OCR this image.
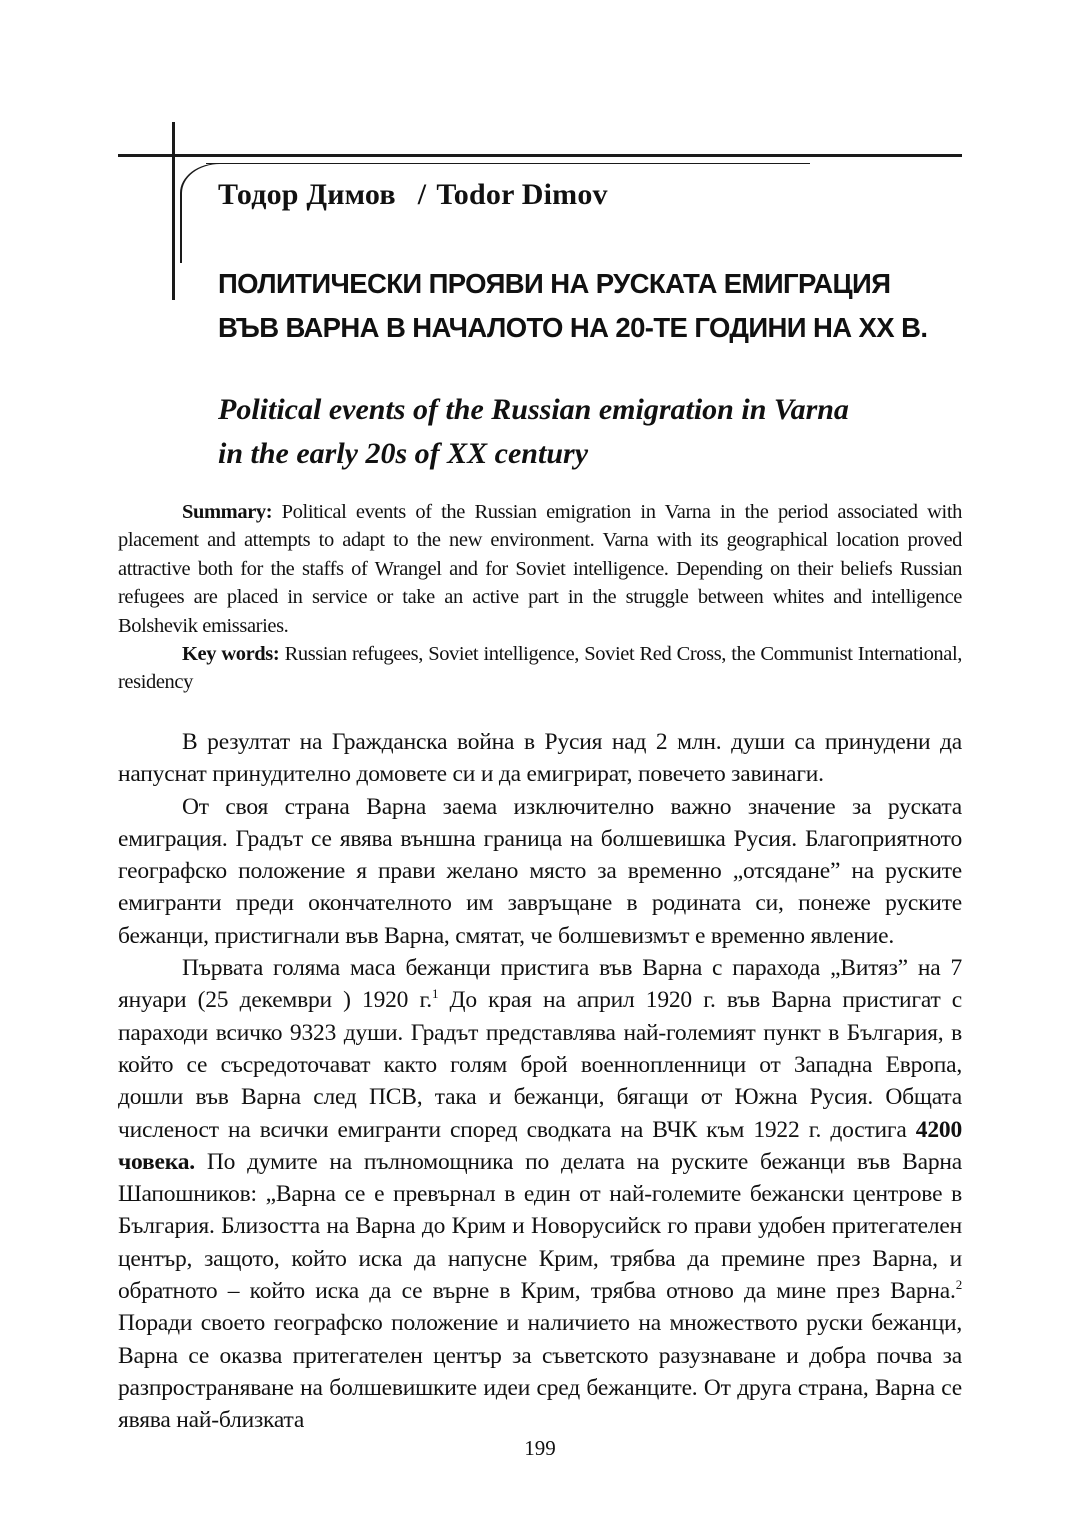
Тодор Димов / Todor Dimov
ПОЛИТИЧЕСКИ ПРОЯВИ НА РУСКАТА ЕМИГРАЦИЯ
ВЪВ ВАРНА В НАЧАЛОТО НА 20-ТЕ ГОДИНИ НА XX В.
Political events of the Russian emigration in Varna
in the early 20s of XX century

Summary: Political events of the Russian emigration in Varna in the period associated with placement and attempts to adapt to the new environment. Varna with its geographical location proved attractive both for the staffs of Wrangel and for Soviet intelligence. Depending on their beliefs Russian refugees are placed in service or take an active part in the struggle between whites and intelligence Bolshevik emissaries.

Key words: Russian refugees, Soviet intelligence, Soviet Red Cross, the Communist International, residency

В резултат на Гражданска война в Русия над 2 млн. души са принудени да напуснат принудително домовете си и да емигрират, повечето завинаги.

От своя страна Варна заема изключително важно значение за руската емиграция. Градът се явява външна граница на болшевишка Русия. Благоприятното географско положение я прави желано място за временно „отсядане” на руските емигранти преди окончателното им завръщане в родината си, понеже руските бежанци, пристигнали във Варна, смятат, че болшевизмът е временно явление.

Първата голяма маса бежанци пристига във Варна с парахода „Витяз” на 7 януари (25 декември ) 1920 г.$^1$ До края на април 1920 г. във Варна пристигат с параходи всичко 9323 души. Градът представлява най-големият пункт в България, в който се съсредоточават както голям брой военнопленници от Западна Европа, дошли във Варна след ПСВ, така и бежанци, бягащи от Южна Русия. Общата численост на всички емигранти според сводката на ВЧК към 1922 г. достига 4200 човека. По думите на пълномощника по делата на руските бежанци във Варна Шапошников: „Варна се е превърнал в един от най-големите бежански центрове в България. Близостта на Варна до Крим и Новорусийск го прави удобен притегателен център, защото, който иска да напусне Крим, трябва да премине през Варна, и обратното – който иска да се върне в Крим, трябва отново да мине през Варна.$^2$ Поради своето географско положение и наличието на множеството руски бежанци, Варна се оказва притегателен център за съветското разузнаване и добра почва за разпространяване на болшевишките идеи сред бежанците. От друга страна, Варна се явява най-близката

199
